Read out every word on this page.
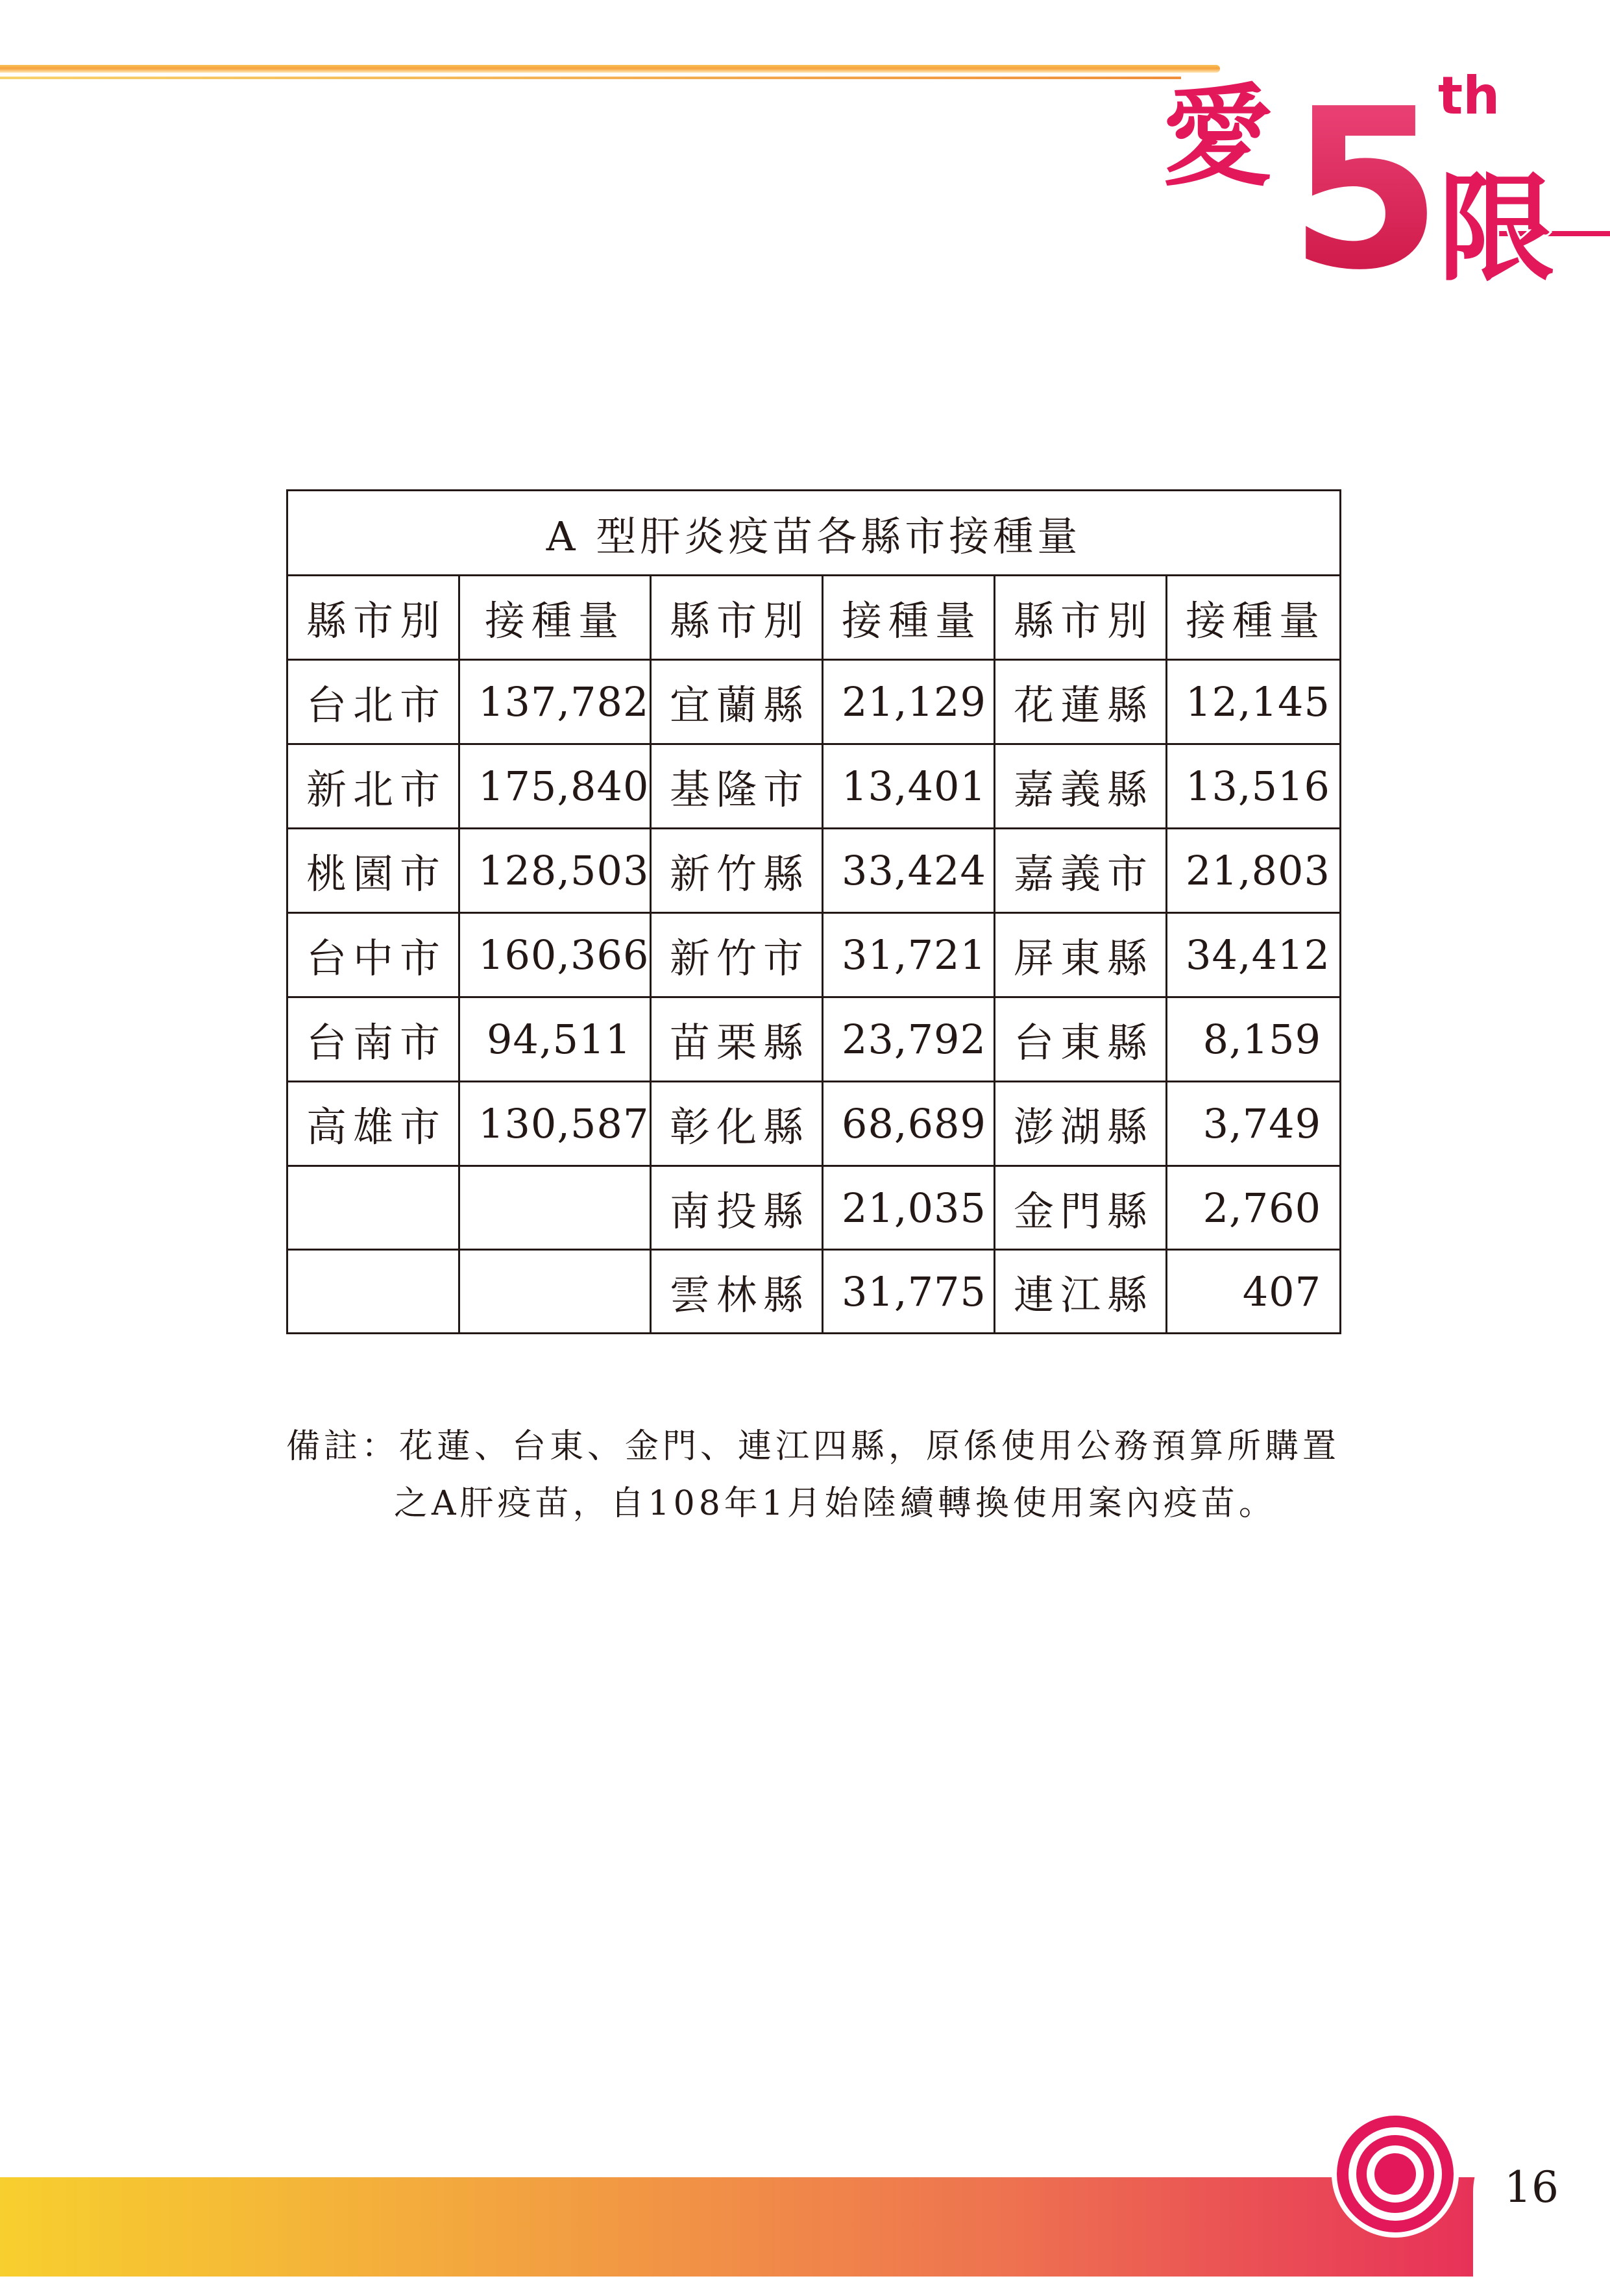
愛 5
th
限
A 型肝炎疫苗各縣市接種量					
縣市別	接種量	縣市別	接種量	縣市別	接種量
台北市	137,782	宜蘭縣	21,129	花蓮縣	12,145
新北市	175,840	基隆市	13,401	嘉義縣	13,516
桃園市	128,503	新竹縣	33,424	嘉義市	21,803
台中市	160,366	新竹市	31,721	屏東縣	34,412
台南市	94,511	苗栗縣	23,792	台東縣	8,159
高雄市	130,587	彰化縣	68,689	澎湖縣	3,749
		南投縣	21,035	金門縣	2,760
		雲林縣	31,775	連江縣	407
備註：花蓮、台東、金門、連江四縣，原係使用公務預算所購置
之A肝疫苗，自108年1月始陸續轉換使用案內疫苗。
16
